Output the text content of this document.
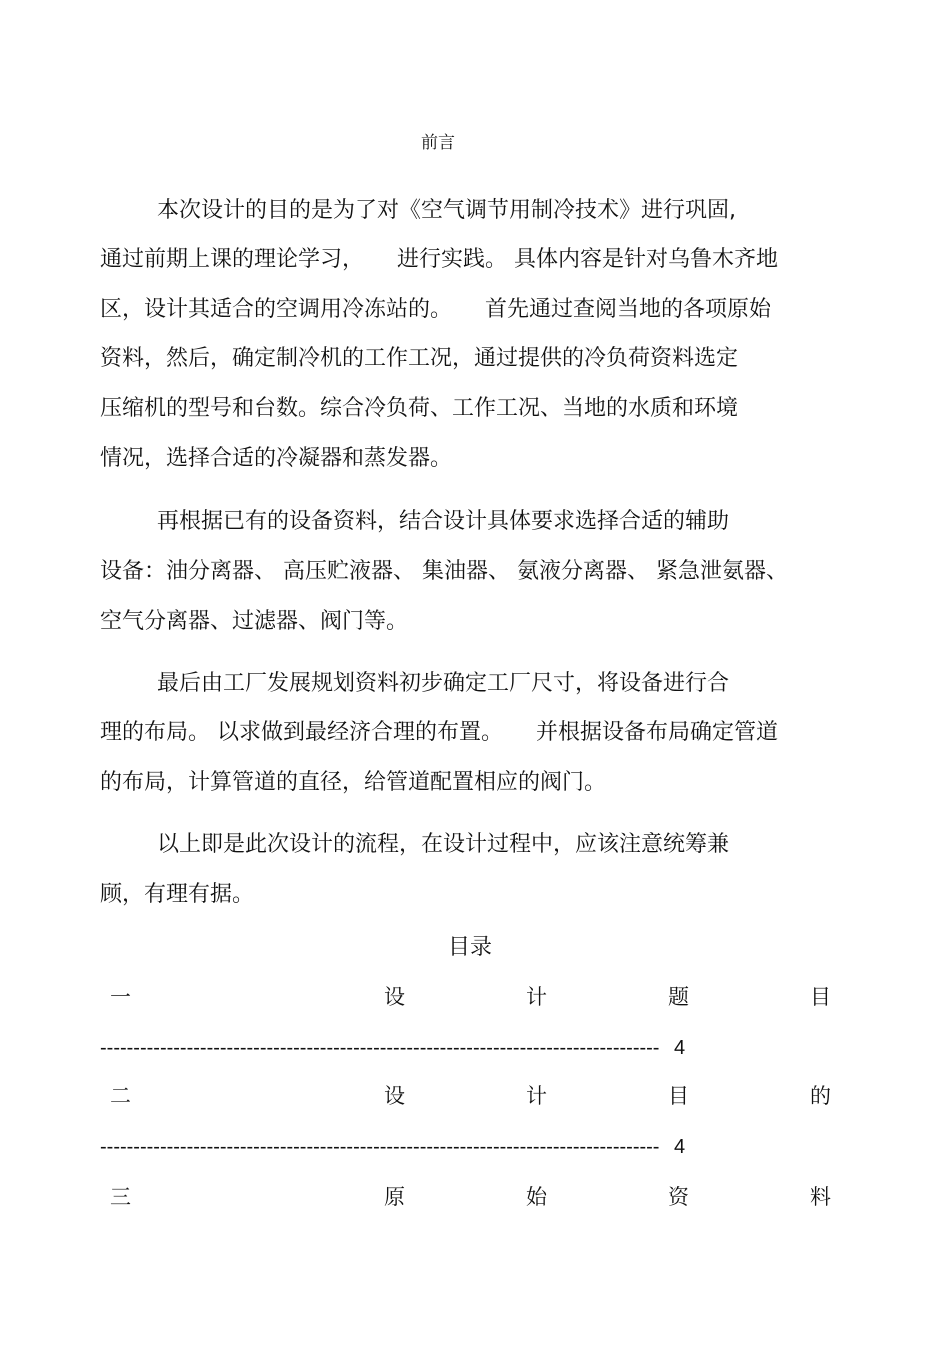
前言
本次设计的目的是为了对《空气调节用制冷技术》进行巩固,
通过前期上课的理论学习，　　进行实践。 具体内容是针对乌鲁木齐地
区，设计其适合的空调用冷冻站的。　　首先通过查阅当地的各项原始
资料，然后，确定制冷机的工作工况，通过提供的冷负荷资料选定
压缩机的型号和台数。综合冷负荷、工作工况、当地的水质和环境
情况，选择合适的冷凝器和蒸发器。
再根据已有的设备资料，结合设计具体要求选择合适的辅助
设备：油分离器、 高压贮液器、 集油器、 氨液分离器、 紧急泄氨器、
空气分离器、过滤器、阀门等。
最后由工厂发展规划资料初步确定工厂尺寸，将设备进行合
理的布局。 以求做到最经济合理的布置。　　并根据设备布局确定管道
的布局，计算管道的直径，给管道配置相应的阀门。
以上即是此次设计的流程，在设计过程中，应该注意统筹兼
顾，有理有据。
目录
一	设	计	题	目
------------------------------------------------------------------------------------ 4
二	设	计	目	的
------------------------------------------------------------------------------------ 4
三	原	始	资	料
